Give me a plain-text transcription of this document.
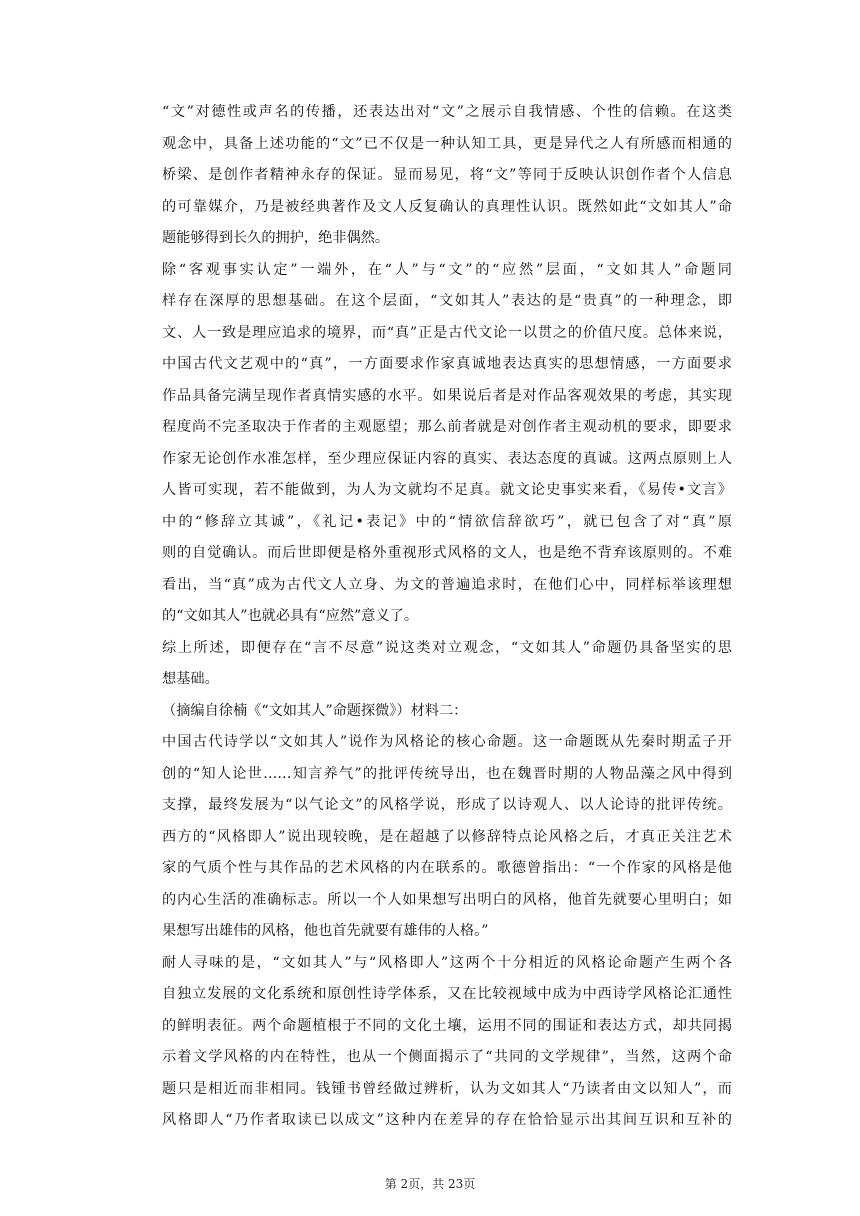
“文”对德性或声名的传播，还表达出对“文”之展示自我情感、个性的信赖。在这类
观念中，具备上述功能的“文”已不仅是一种认知工具，更是异代之人有所感而相通的
桥梁、是创作者精神永存的保证。显而易见，将“文”等同于反映认识创作者个人信息
的可靠媒介，乃是被经典著作及文人反复确认的真理性认识。既然如此“文如其人”命
题能够得到长久的拥护，绝非偶然。
除“客观事实认定”一端外，在“人”与“文”的“应然”层面，“文如其人”命题同
样存在深厚的思想基础。在这个层面，“文如其人”表达的是“贵真”的一种理念，即
文、人一致是理应追求的境界，而“真”正是古代文论一以贯之的价值尺度。总体来说，
中国古代文艺观中的“真”，一方面要求作家真诚地表达真实的思想情感，一方面要求
作品具备完满呈现作者真情实感的水平。如果说后者是对作品客观效果的考虑，其实现
程度尚不完圣取决于作者的主观愿望；那么前者就是对创作者主观动机的要求，即要求
作家无论创作水准怎样，至少理应保证内容的真实、表达态度的真诚。这两点原则上人
人皆可实现，若不能做到，为人为文就均不足真。就文论史事实来看，《易传•文言》
中的“修辞立其诚”，《礼记•表记》中的“情欲信辞欲巧”，就已包含了对“真”原
则的自觉确认。而后世即便是格外重视形式风格的文人，也是绝不背弃该原则的。不难
看出，当“真”成为古代文人立身、为文的普遍追求时，在他们心中，同样标举该理想
的“文如其人”也就必具有“应然”意义了。
综上所述，即便存在“言不尽意”说这类对立观念，“文如其人”命题仍具备坚实的思
想基础。
（摘编自徐楠《“文如其人”命题探微》）材料二：
中国古代诗学以“文如其人”说作为风格论的核心命题。这一命题既从先秦时期孟子开
创的“知人论世……知言养气”的批评传统导出，也在魏晋时期的人物品藻之风中得到
支撑，最终发展为“以气论文”的风格学说，形成了以诗观人、以人论诗的批评传统。
西方的“风格即人”说出现较晚，是在超越了以修辞特点论风格之后，才真正关注艺术
家的气质个性与其作品的艺术风格的内在联系的。歌德曾指出：“一个作家的风格是他
的内心生活的准确标志。所以一个人如果想写出明白的风格，他首先就要心里明白；如
果想写出雄伟的风格，他也首先就要有雄伟的人格。”
耐人寻味的是，“文如其人”与“风格即人”这两个十分相近的风格论命题产生两个各
自独立发展的文化系统和原创性诗学体系，又在比较视域中成为中西诗学风格论汇通性
的鲜明表征。两个命题植根于不同的文化土壤，运用不同的围证和表达方式，却共同揭
示着文学风格的内在特性，也从一个侧面揭示了“共同的文学规律”，当然，这两个命
题只是相近而非相同。钱锺书曾经做过辨析，认为文如其人“乃读者由文以知人”，而
风格即人“乃作者取读已以成文”这种内在差异的存在恰恰显示出其间互识和互补的
第 2页，共 23页
